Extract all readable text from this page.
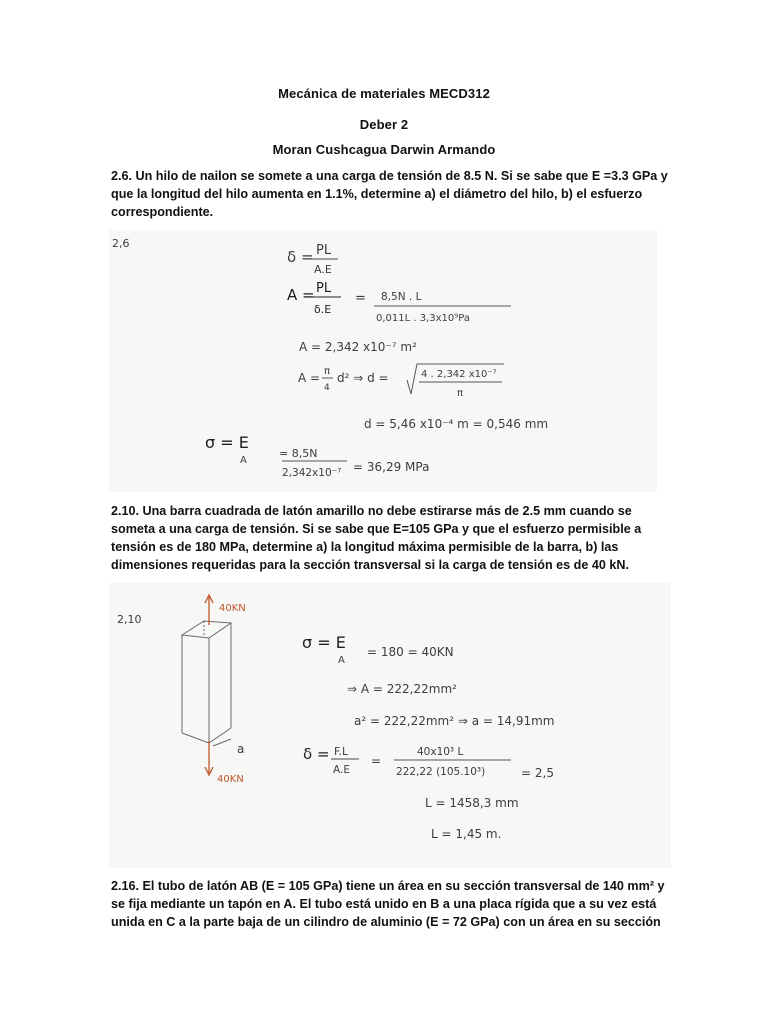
Mecánica de materiales MECD312
Deber 2
Moran Cushcagua Darwin Armando
2.6. Un hilo de nailon se somete a una carga de tensión de 8.5 N. Si se sabe que E =3.3 GPa y
que la longitud del hilo aumenta en 1.1%, determine a) el diámetro del hilo, b) el esfuerzo
correspondiente.
2,6
δ = PL
A.E
A = PL
δ.E
= 8,5N . L
0,011L . 3,3x10⁹Pa
A = 2,342 x10⁻⁷ m²
A = π
4
d² ⇒ d =	4 . 2,342 x10⁻⁷
π
d = 5,46 x10⁻⁴ m = 0,546 mm
σ = E
A
= 8,5N
2,342x10⁻⁷ = 36,29 MPa
2.10. Una barra cuadrada de latón amarillo no debe estirarse más de 2.5 mm cuando se
someta a una carga de tensión. Si se sabe que E=105 GPa y que el esfuerzo permisible a
tensión es de 180 MPa, determine a) la longitud máxima permisible de la barra, b) las
dimensiones requeridas para la sección transversal si la carga de tensión es de 40 kN.
2,10
40KN
40KN
a
σ = E
A
= 180 = 40KN
⇒ A = 222,22mm²
a² = 222,22mm² ⇒ a = 14,91mm
δ = F.L
A.E
=
40x10³ L
222,22 (105.10³)	= 2,5
L = 1458,3 mm
L = 1,45 m.
2.16. El tubo de latón AB (E = 105 GPa) tiene un área en su sección transversal de 140 mm² y
se fija mediante un tapón en A. El tubo está unido en B a una placa rígida que a su vez está
unida en C a la parte baja de un cilindro de aluminio (E = 72 GPa) con un área en su sección
